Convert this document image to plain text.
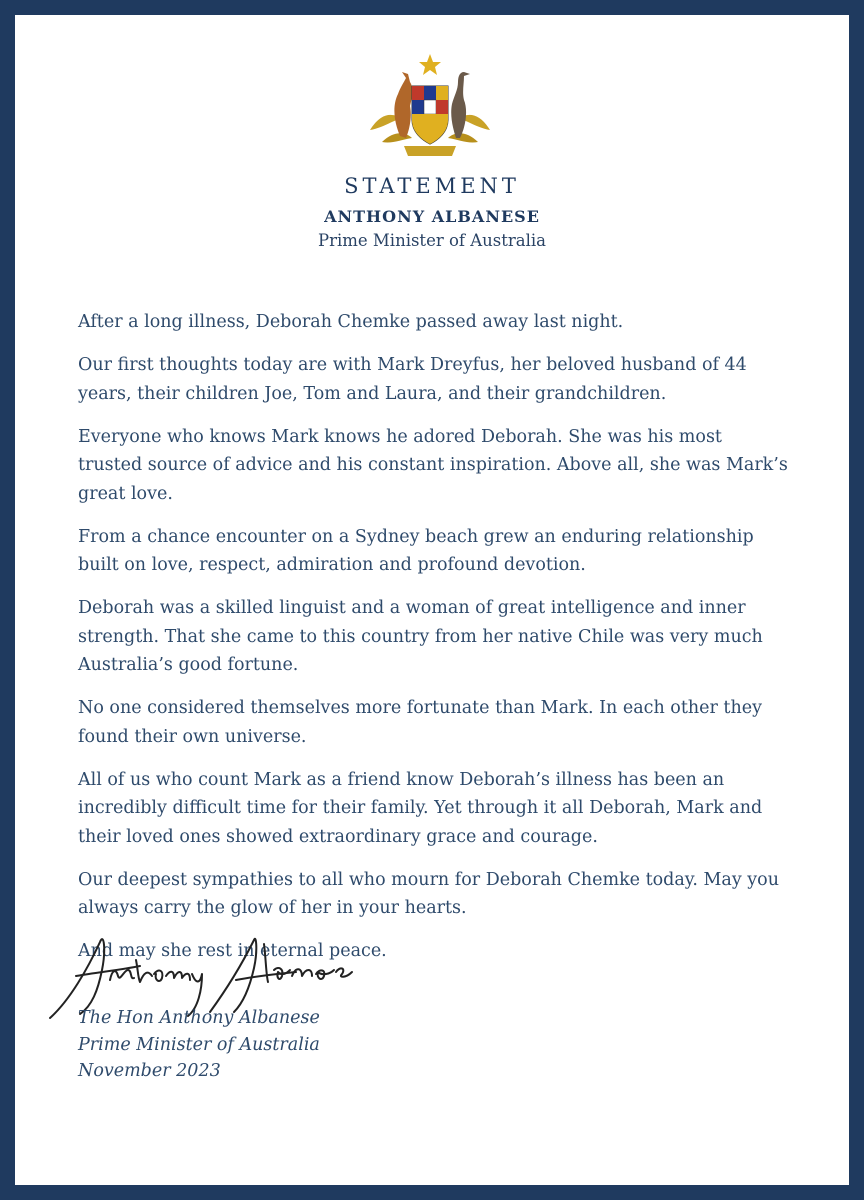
STATEMENT
ANTHONY ALBANESE
Prime Minister of Australia

After a long illness, Deborah Chemke passed away last night.

Our first thoughts today are with Mark Dreyfus, her beloved husband of 44 years, their children Joe, Tom and Laura, and their grandchildren.

Everyone who knows Mark knows he adored Deborah. She was his most trusted source of advice and his constant inspiration. Above all, she was Mark’s great love.

From a chance encounter on a Sydney beach grew an enduring relationship built on love, respect, admiration and profound devotion.

Deborah was a skilled linguist and a woman of great intelligence and inner strength. That she came to this country from her native Chile was very much Australia’s good fortune.

No one considered themselves more fortunate than Mark. In each other they found their own universe.

All of us who count Mark as a friend know Deborah’s illness has been an incredibly difficult time for their family. Yet through it all Deborah, Mark and their loved ones showed extraordinary grace and courage.

Our deepest sympathies to all who mourn for Deborah Chemke today. May you always carry the glow of her in your hearts.

And may she rest in eternal peace.

The Hon Anthony Albanese
Prime Minister of Australia
November 2023
